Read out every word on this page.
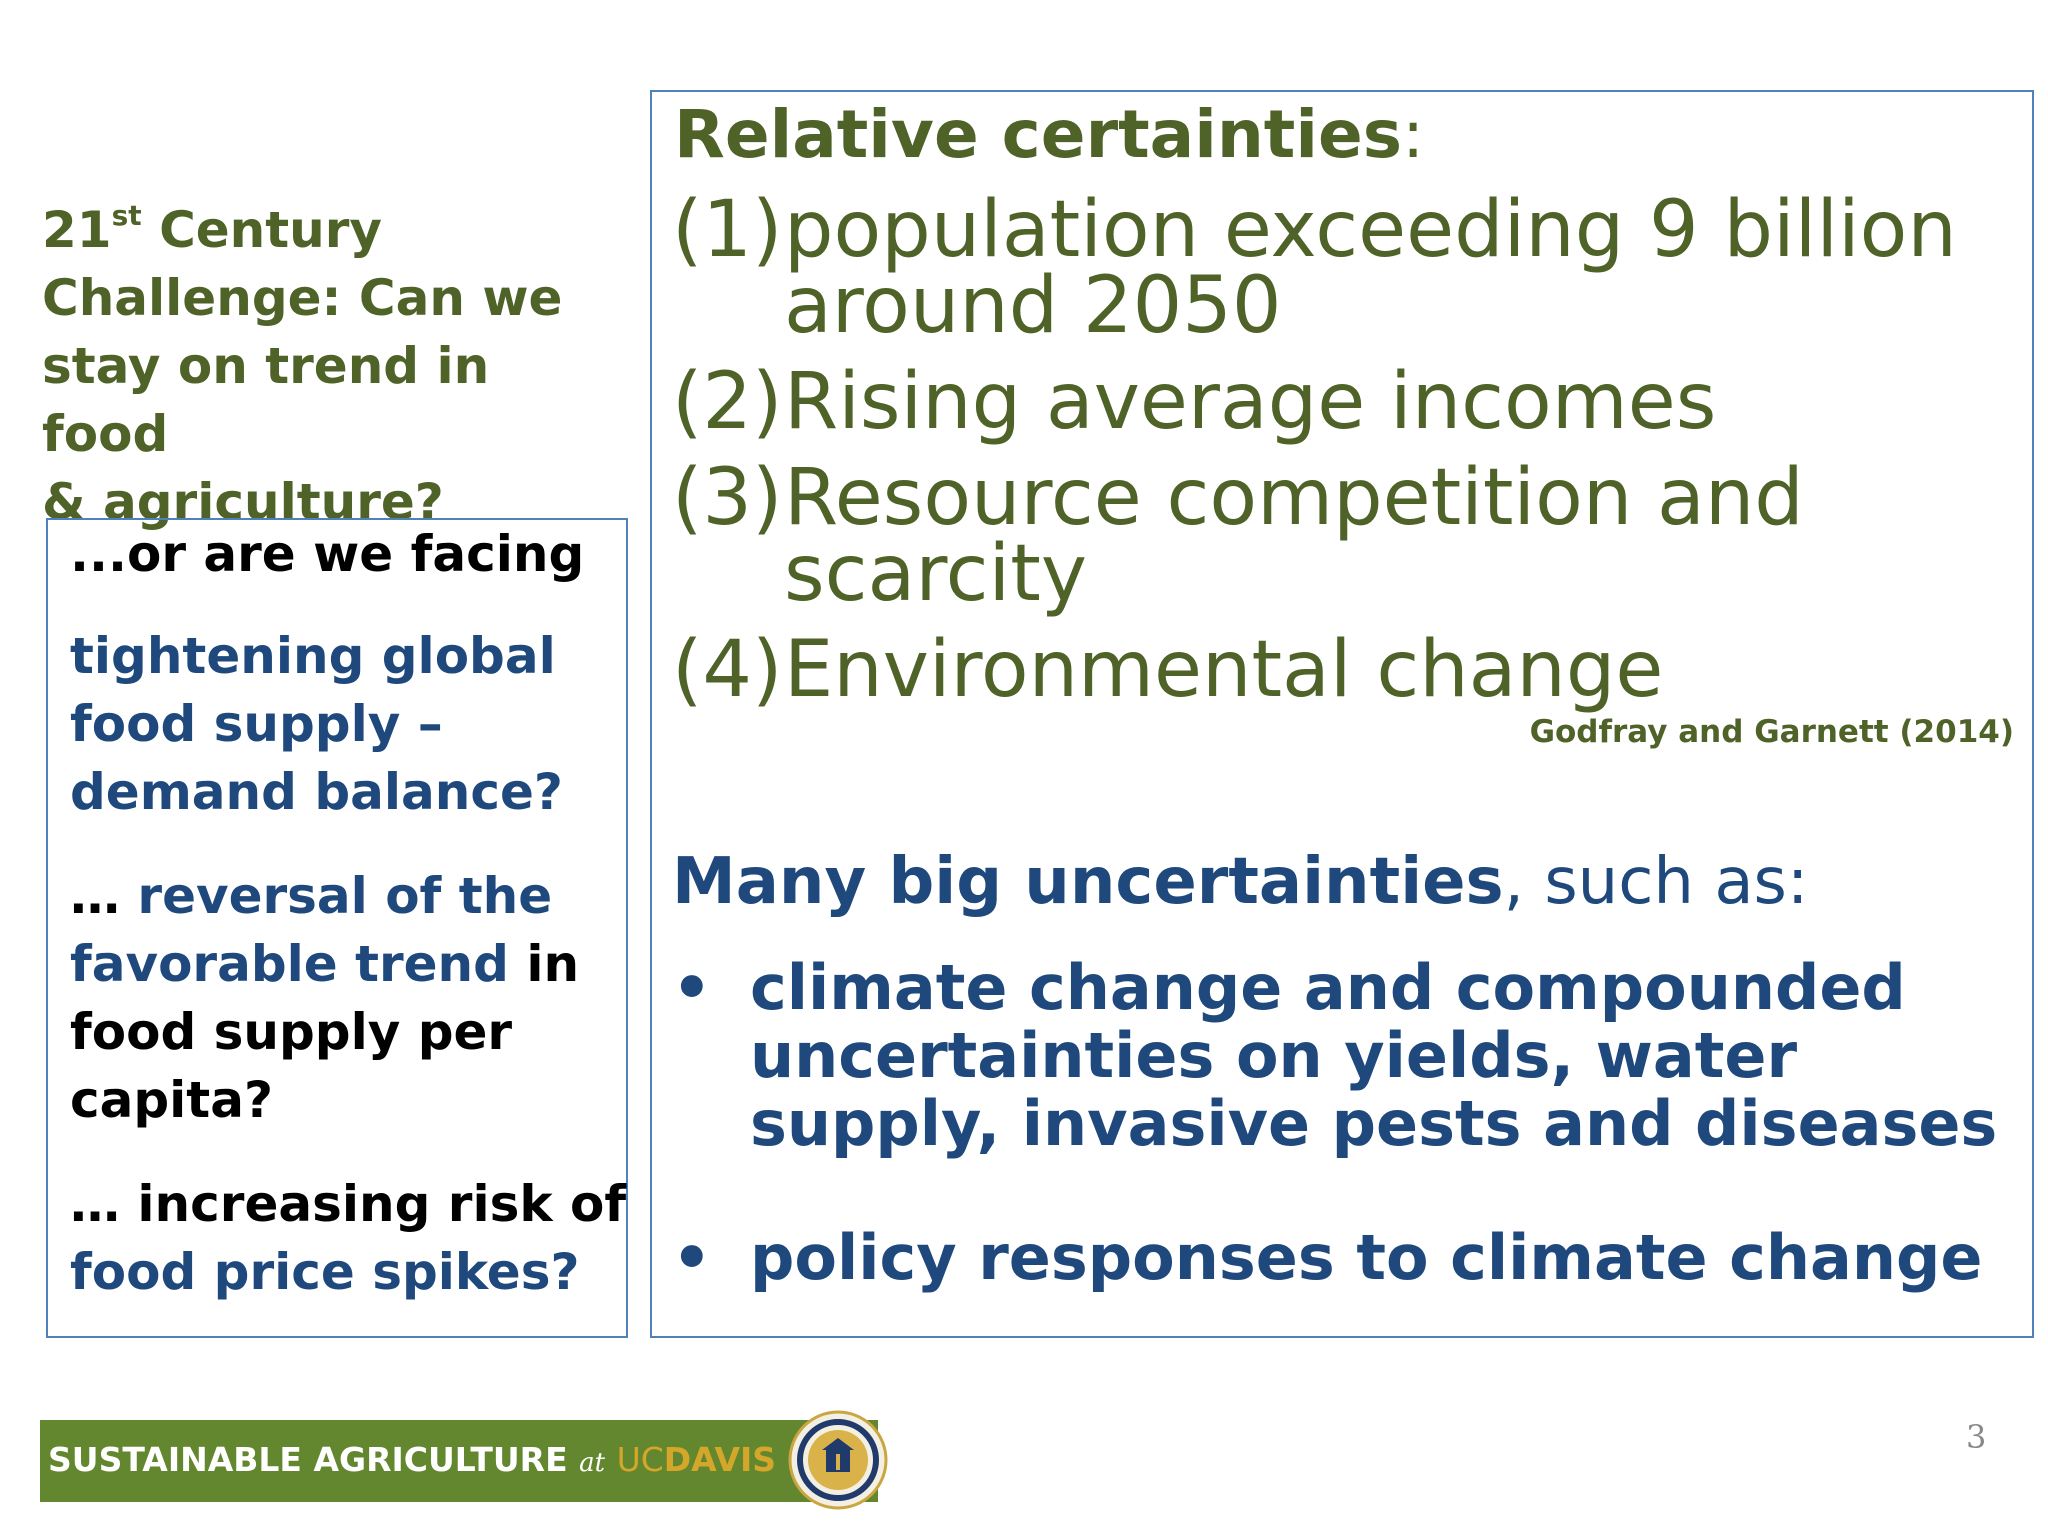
21st Century
Challenge: Can we
stay on trend in food
& agriculture?
...or are we facing
tightening global
food supply –
demand balance?
… reversal of the
favorable trend in
food supply per
capita?
… increasing risk of
food price spikes?
Relative certainties:
(1) population exceeding 9 billion
around 2050
(2) Rising average incomes
(3) Resource competition and
scarcity
(4) Environmental change
Godfray and Garnett (2014)
Many big uncertainties, such as:
• climate change and compounded
uncertainties on yields, water
supply, invasive pests and diseases
• policy responses to climate change
SUSTAINABLE AGRICULTURE at UCDAVIS
3
